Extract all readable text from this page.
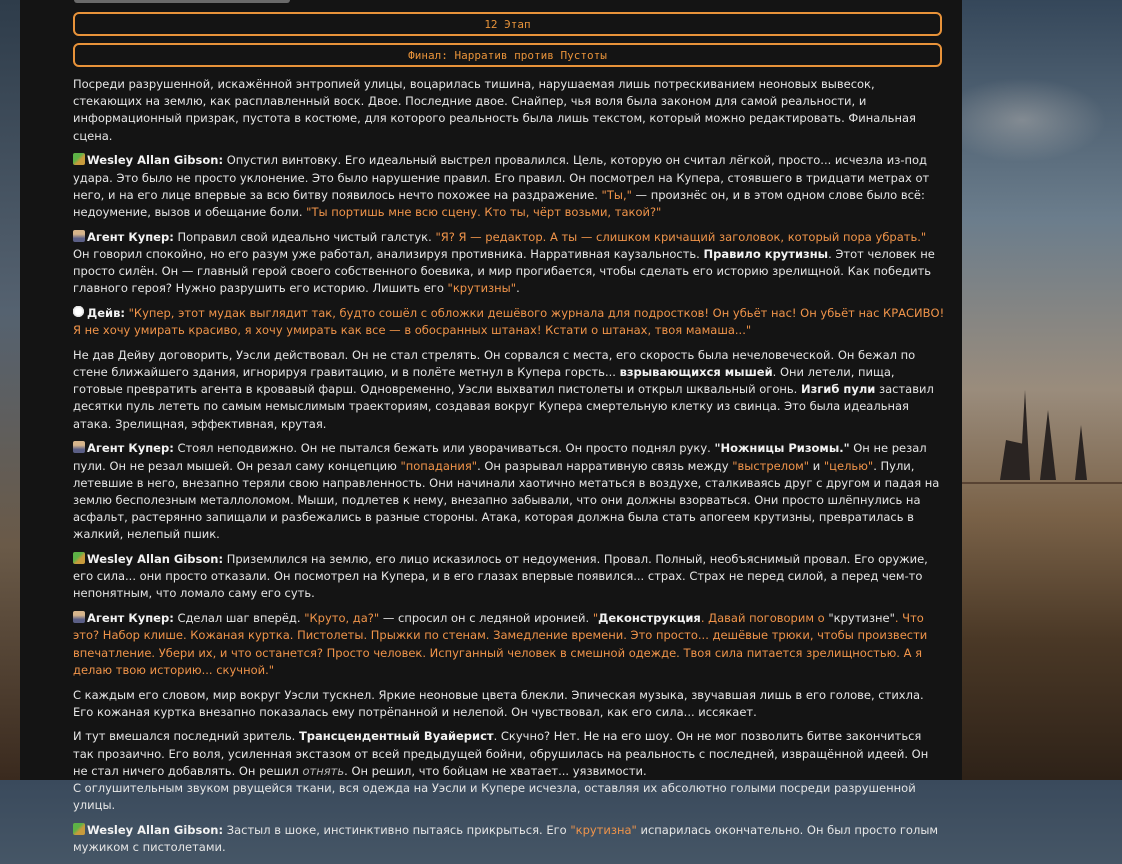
12 Этап
Финал: Нарратив против Пустоты

Посреди разрушенной, искажённой энтропией улицы, воцарилась тишина, нарушаемая лишь потрескиванием неоновых вывесок, стекающих на землю, как расплавленный воск. Двое. Последние двое. Снайпер, чья воля была законом для самой реальности, и информационный призрак, пустота в костюме, для которого реальность была лишь текстом, который можно редактировать. Финальная сцена.

Wesley Allan Gibson: Опустил винтовку. Его идеальный выстрел провалился. Цель, которую он считал лёгкой, просто... исчезла из-под удара. Это было не просто уклонение. Это было нарушение правил. Его правил. Он посмотрел на Купера, стоявшего в тридцати метрах от него, и на его лице впервые за всю битву появилось нечто похожее на раздражение. "Ты," — произнёс он, и в этом одном слове было всё: недоумение, вызов и обещание боли. "Ты портишь мне всю сцену. Кто ты, чёрт возьми, такой?"

Агент Купер: Поправил свой идеально чистый галстук. "Я? Я — редактор. А ты — слишком кричащий заголовок, который пора убрать." Он говорил спокойно, но его разум уже работал, анализируя противника. Нарративная каузальность. Правило крутизны. Этот человек не просто силён. Он — главный герой своего собственного боевика, и мир прогибается, чтобы сделать его историю зрелищной. Как победить главного героя? Нужно разрушить его историю. Лишить его "крутизны".

Дейв: "Купер, этот мудак выглядит так, будто сошёл с обложки дешёвого журнала для подростков! Он убьёт нас! Он убьёт нас КРАСИВО! Я не хочу умирать красиво, я хочу умирать как все — в обосранных штанах! Кстати о штанах, твоя мамаша..."

Не дав Дейву договорить, Уэсли действовал. Он не стал стрелять. Он сорвался с места, его скорость была нечеловеческой. Он бежал по стене ближайшего здания, игнорируя гравитацию, и в полёте метнул в Купера горсть... взрывающихся мышей. Они летели, пища, готовые превратить агента в кровавый фарш. Одновременно, Уэсли выхватил пистолеты и открыл шквальный огонь. Изгиб пули заставил десятки пуль лететь по самым немыслимым траекториям, создавая вокруг Купера смертельную клетку из свинца. Это была идеальная атака. Зрелищная, эффективная, крутая.

Агент Купер: Стоял неподвижно. Он не пытался бежать или уворачиваться. Он просто поднял руку. "Ножницы Ризомы." Он не резал пули. Он не резал мышей. Он резал саму концепцию "попадания". Он разрывал нарративную связь между "выстрелом" и "целью". Пули, летевшие в него, внезапно теряли свою направленность. Они начинали хаотично метаться в воздухе, сталкиваясь друг с другом и падая на землю бесполезным металлоломом. Мыши, подлетев к нему, внезапно забывали, что они должны взорваться. Они просто шлёпнулись на асфальт, растерянно запищали и разбежались в разные стороны. Атака, которая должна была стать апогеем крутизны, превратилась в жалкий, нелепый пшик.

Wesley Allan Gibson: Приземлился на землю, его лицо исказилось от недоумения. Провал. Полный, необъяснимый провал. Его оружие, его сила... они просто отказали. Он посмотрел на Купера, и в его глазах впервые появился... страх. Страх не перед силой, а перед чем-то непонятным, что ломало саму его суть.

Агент Купер: Сделал шаг вперёд. "Круто, да?" — спросил он с ледяной иронией. "Деконструкция. Давай поговорим о "крутизне". Что это? Набор клише. Кожаная куртка. Пистолеты. Прыжки по стенам. Замедление времени. Это просто... дешёвые трюки, чтобы произвести впечатление. Убери их, и что останется? Просто человек. Испуганный человек в смешной одежде. Твоя сила питается зрелищностью. А я делаю твою историю... скучной."

С каждым его словом, мир вокруг Уэсли тускнел. Яркие неоновые цвета блекли. Эпическая музыка, звучавшая лишь в его голове, стихла. Его кожаная куртка внезапно показалась ему потрёпанной и нелепой. Он чувствовал, как его сила... иссякает.

И тут вмешался последний зритель. Трансцендентный Вуайерист. Скучно? Нет. Не на его шоу. Он не мог позволить битве закончиться так прозаично. Его воля, усиленная экстазом от всей предыдущей бойни, обрушилась на реальность с последней, извращённой идеей. Он не стал ничего добавлять. Он решил отнять. Он решил, что бойцам не хватает... уязвимости.

С оглушительным звуком рвущейся ткани, вся одежда на Уэсли и Купере исчезла, оставляя их абсолютно голыми посреди разрушенной улицы.

Wesley Allan Gibson: Застыл в шоке, инстинктивно пытаясь прикрыться. Его "крутизна" испарилась окончательно. Он был просто голым мужиком с пистолетами.
